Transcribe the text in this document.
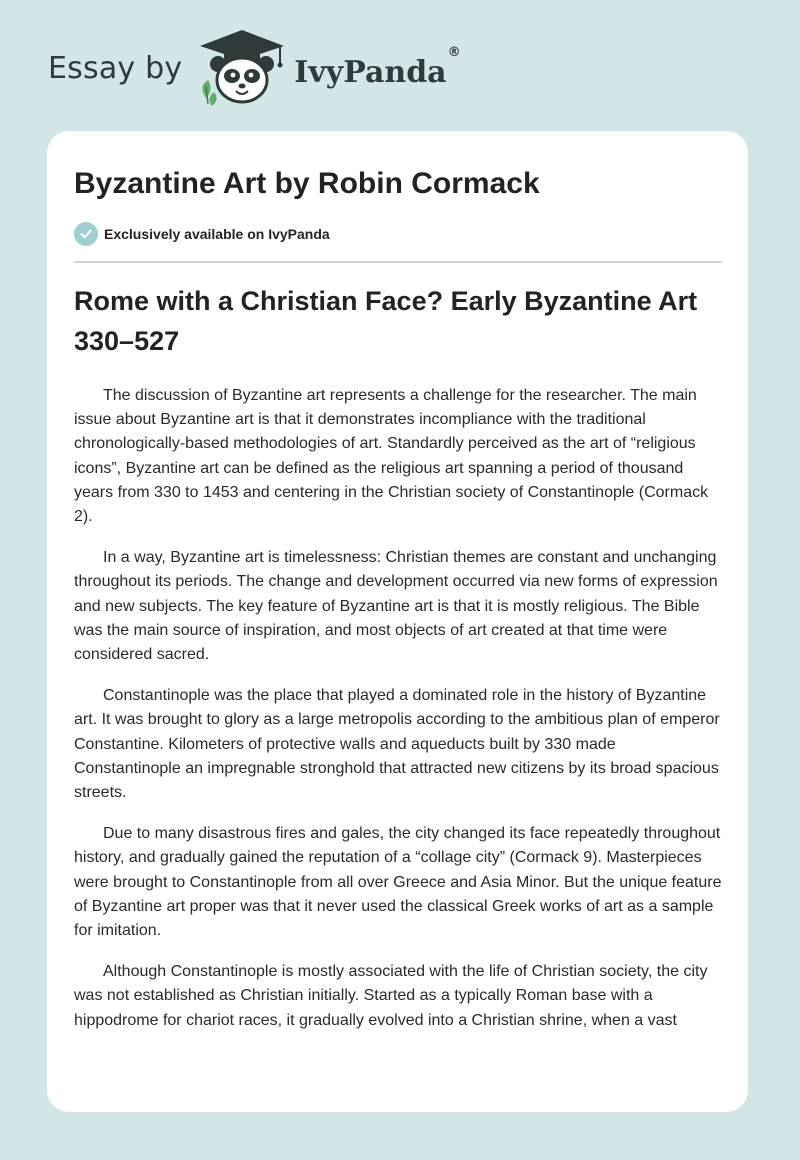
Essay by	IvyPanda®
Byzantine Art by Robin Cormack
Exclusively available on IvyPanda
Rome with a Christian Face? Early Byzantine Art 330–527

The discussion of Byzantine art represents a challenge for the researcher. The main issue about Byzantine art is that it demonstrates incompliance with the traditional chronologically-based methodologies of art. Standardly perceived as the art of “religious icons”, Byzantine art can be defined as the religious art spanning a period of thousand years from 330 to 1453 and centering in the Christian society of Constantinople (Cormack 2).

In a way, Byzantine art is timelessness: Christian themes are constant and unchanging throughout its periods. The change and development occurred via new forms of expression and new subjects. The key feature of Byzantine art is that it is mostly religious. The Bible was the main source of inspiration, and most objects of art created at that time were considered sacred.

Constantinople was the place that played a dominated role in the history of Byzantine art. It was brought to glory as a large metropolis according to the ambitious plan of emperor Constantine. Kilometers of protective walls and aqueducts built by 330 made Constantinople an impregnable stronghold that attracted new citizens by its broad spacious streets.

Due to many disastrous fires and gales, the city changed its face repeatedly throughout history, and gradually gained the reputation of a “collage city” (Cormack 9). Masterpieces were brought to Constantinople from all over Greece and Asia Minor. But the unique feature of Byzantine art proper was that it never used the classical Greek works of art as a sample for imitation.

Although Constantinople is mostly associated with the life of Christian society, the city was not established as Christian initially. Started as a typically Roman base with a hippodrome for chariot races, it gradually evolved into a Christian shrine, when a vast
